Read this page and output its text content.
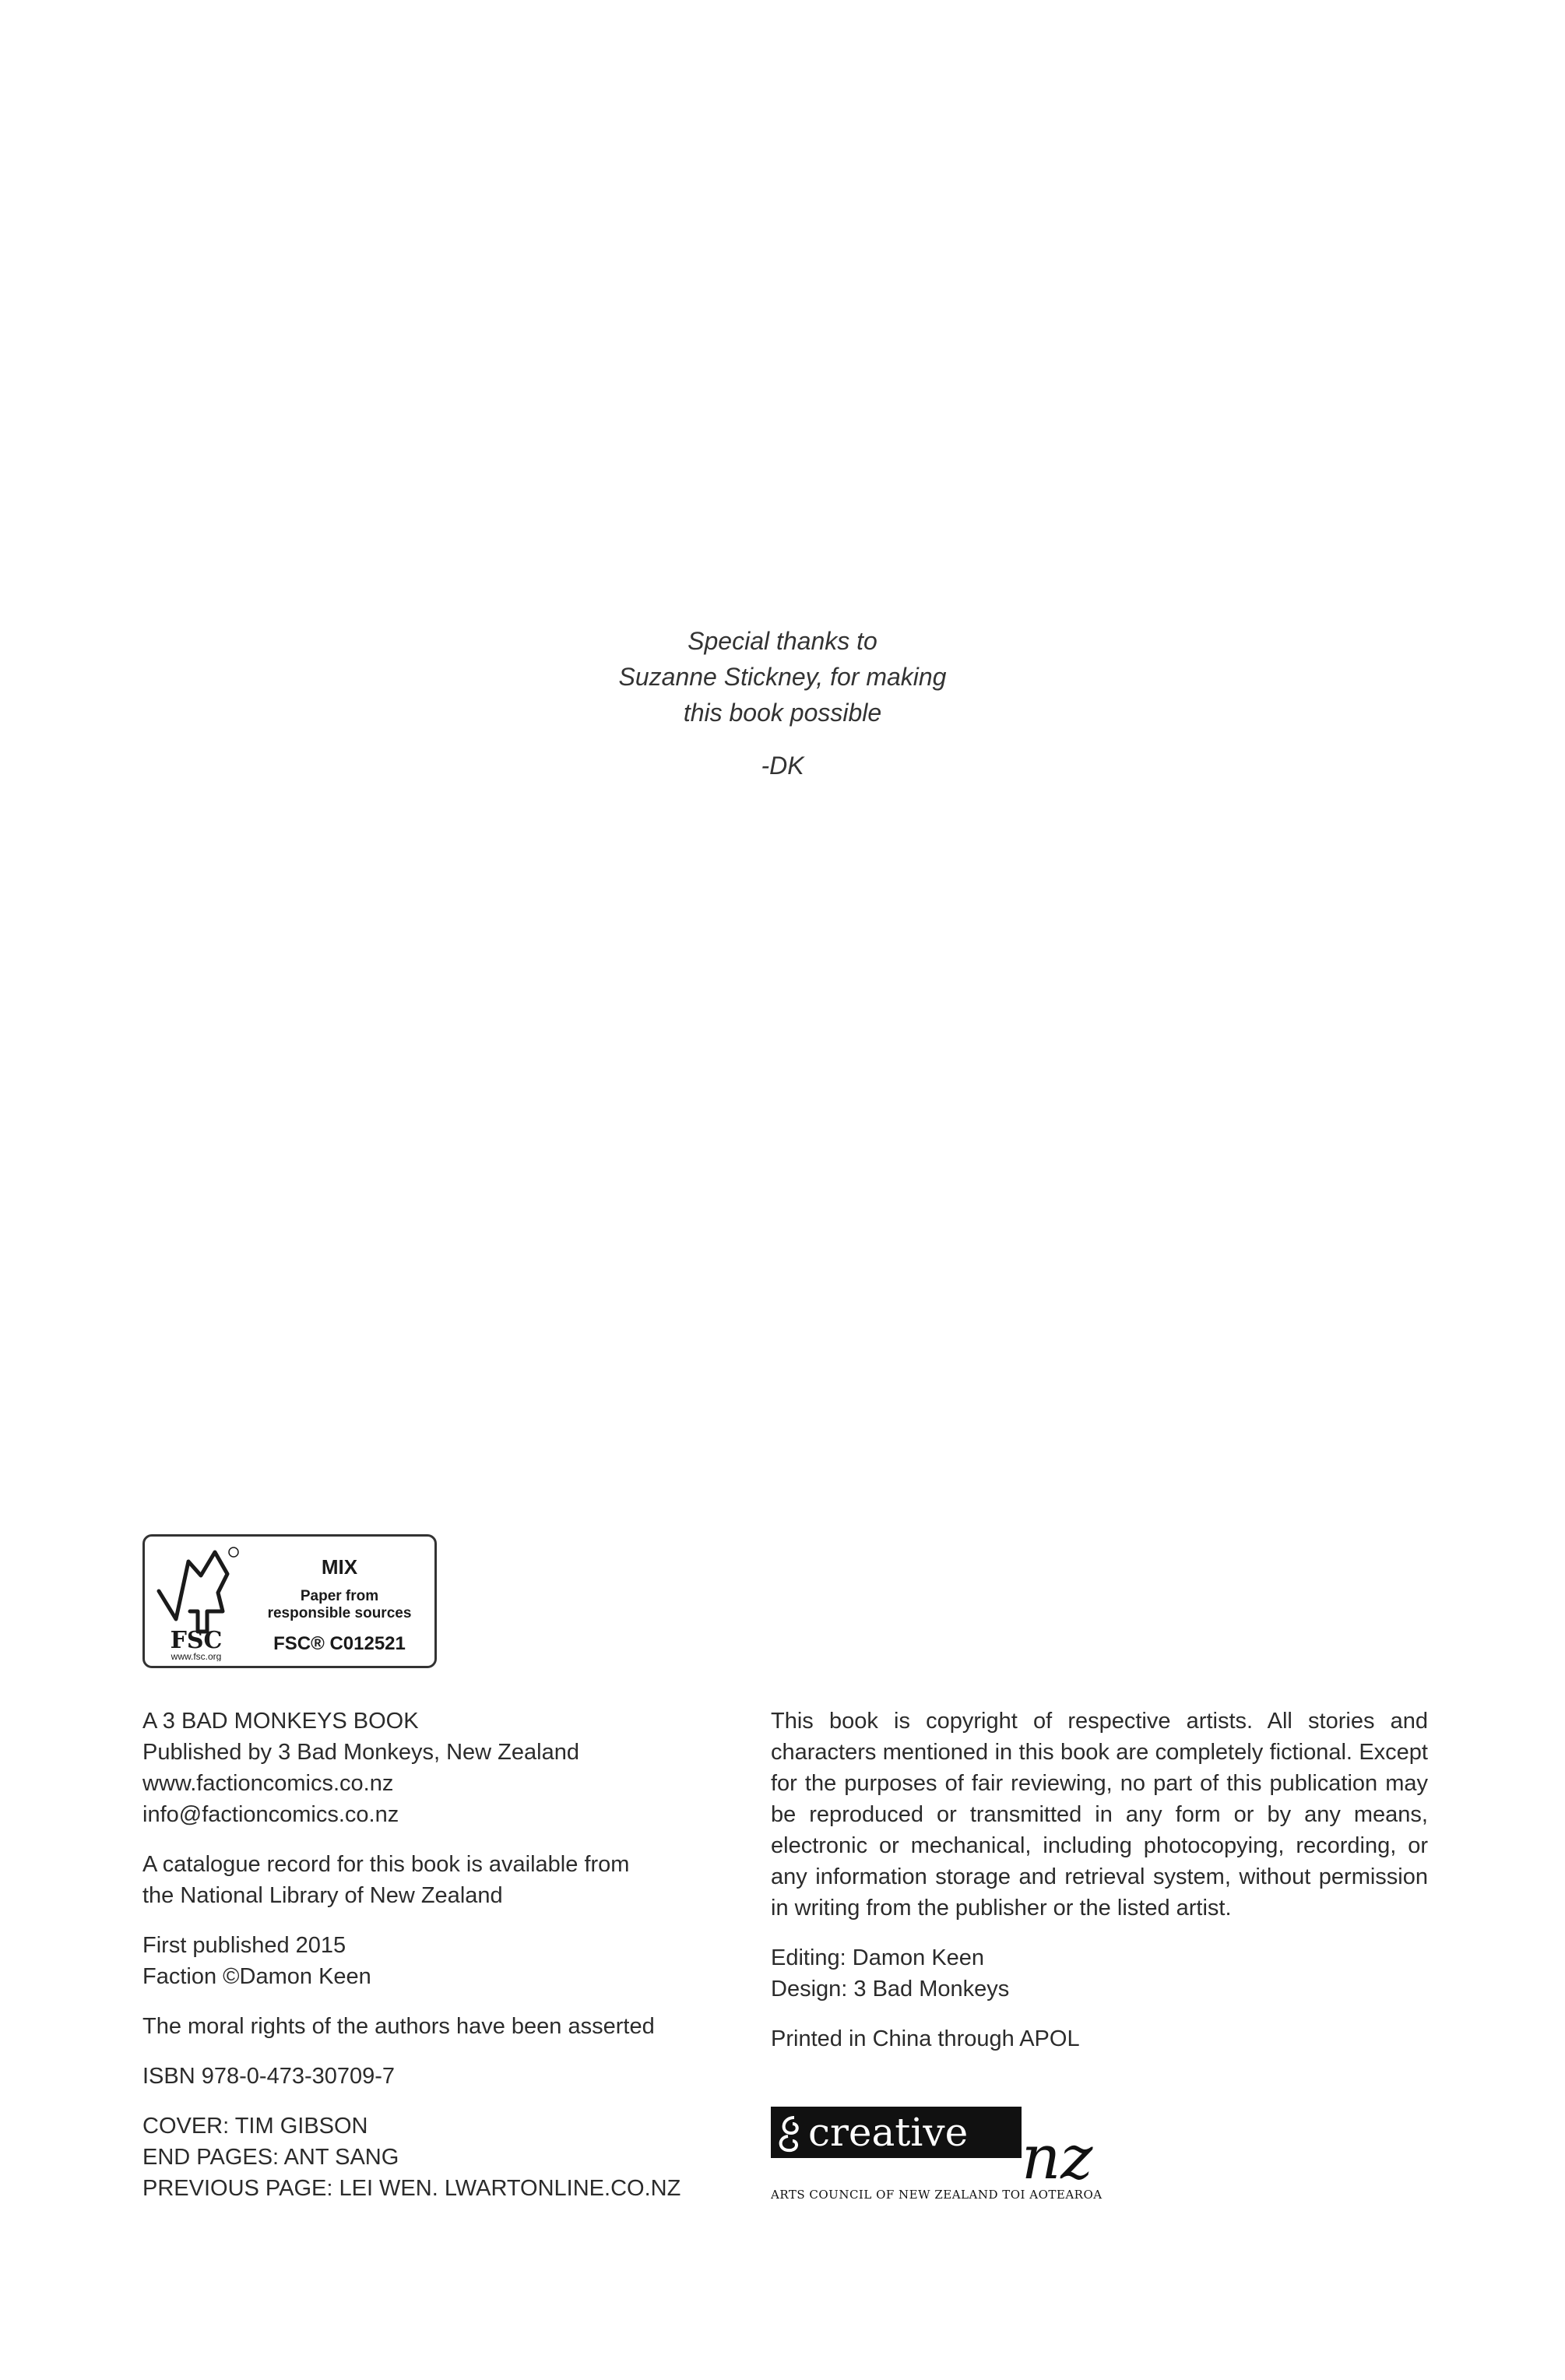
Special thanks to
Suzanne Stickney, for making
this book possible
-DK
FSC
www.fsc.org
MIX
Paper from
responsible sources
FSC® C012521

A 3 BAD MONKEYS BOOK
Published by 3 Bad Monkeys, New Zealand
www.factioncomics.co.nz
info@factioncomics.co.nz

A catalogue record for this book is available from
the National Library of New Zealand

First published 2015
Faction ©Damon Keen

The moral rights of the authors have been asserted

ISBN 978-0-473-30709-7

COVER: TIM GIBSON
END PAGES: ANT SANG
PREVIOUS PAGE: LEI WEN. LWARTONLINE.CO.NZ

This book is copyright of respective artists. All stories and characters mentioned in this book are completely fictional. Except for the purposes of fair reviewing, no part of this publication may be reproduced or transmitted in any form or by any means, electronic or mechanical, including photocopying, recording, or any information storage and retrieval system, without permission in writing from the publisher or the listed artist.

Editing: Damon Keen
Design: 3 Bad Monkeys

Printed in China through APOL

creative nz
ARTS COUNCIL OF NEW ZEALAND TOI AOTEAROA
